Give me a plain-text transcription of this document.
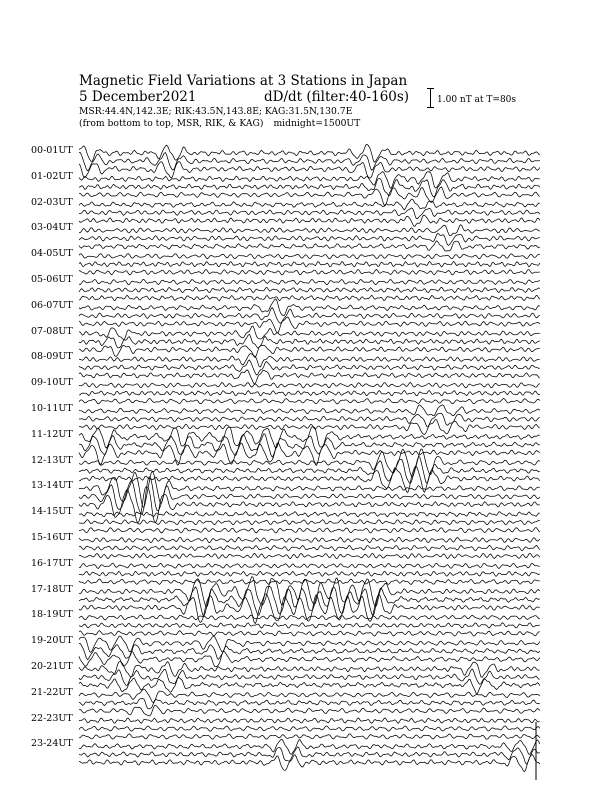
Magnetic Field Variations at 3 Stations in Japan
5 December2021	dD/dt (filter:40-160s)
MSR:44.4N,142.3E; RIK:43.5N,143.8E; KAG:31.5N,130.7E
(from bottom to top, MSR, RIK, & KAG) midnight=1500UT
1.00 nT at T=80s
00-01UT
01-02UT
02-03UT
03-04UT
04-05UT
05-06UT
06-07UT
07-08UT
08-09UT
09-10UT
10-11UT
11-12UT
12-13UT
13-14UT
14-15UT
15-16UT
16-17UT
17-18UT
18-19UT
19-20UT
20-21UT
21-22UT
22-23UT
23-24UT
